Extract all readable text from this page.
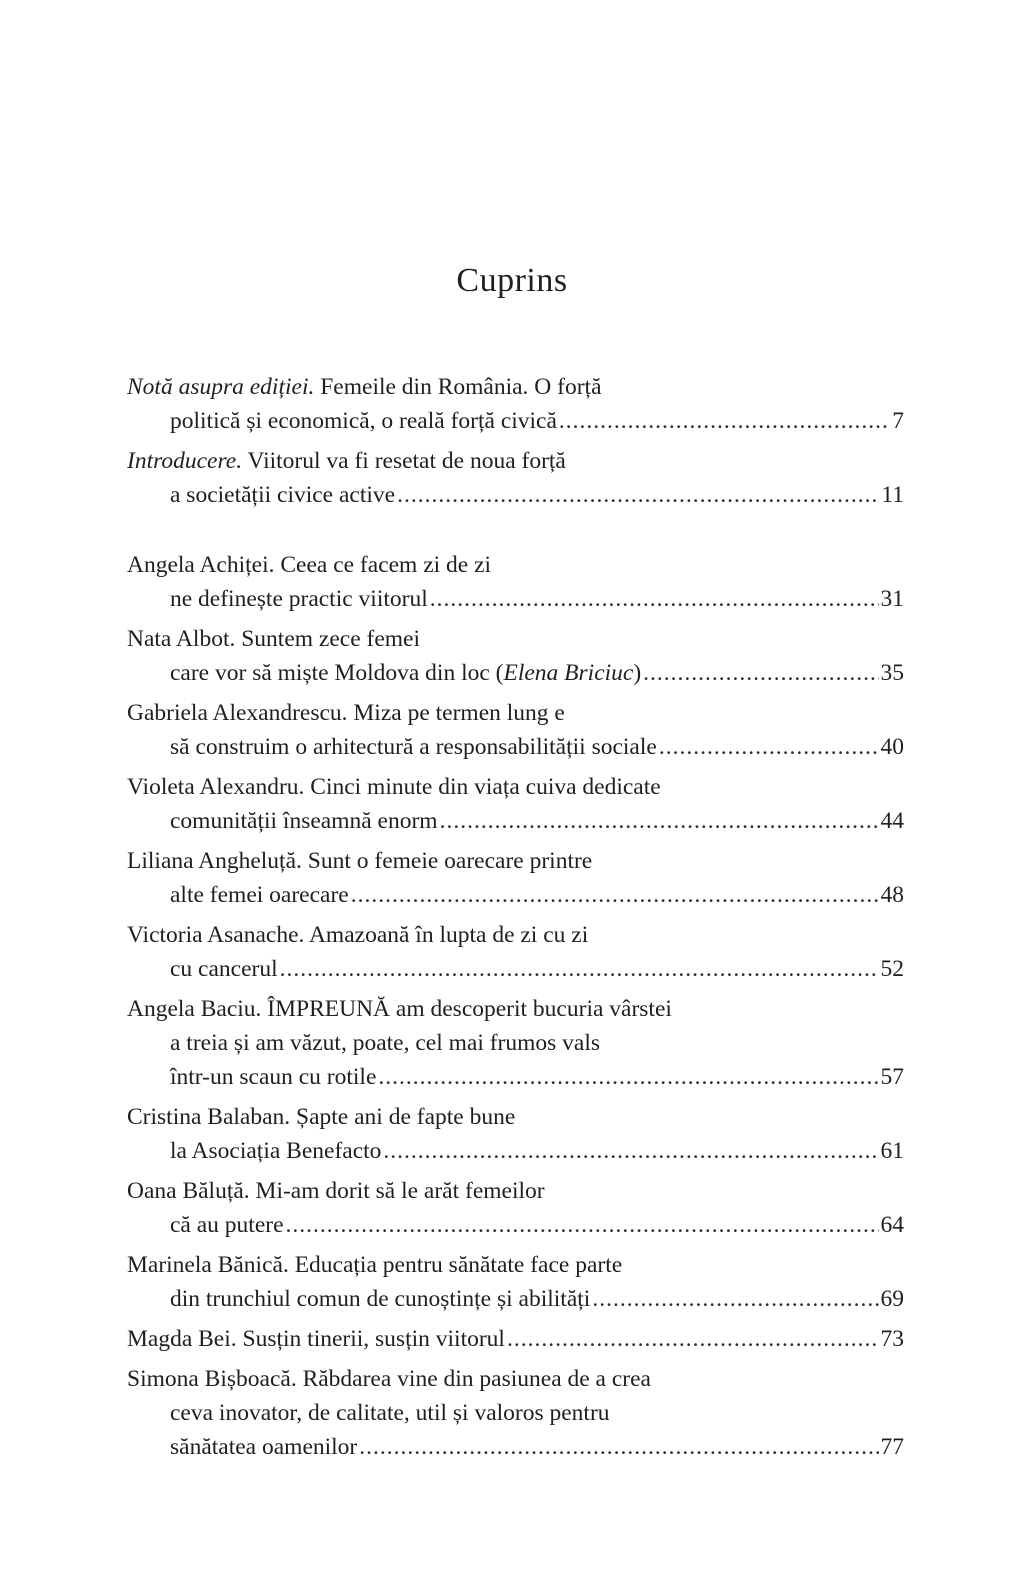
Cuprins
Notă asupra ediției. Femeile din România. O forță
politică și economică, o reală forță civică .....	7
Introducere. Viitorul va fi resetat de noua forță
a societății civice active .....	11
Angela Achiței. Ceea ce facem zi de zi
ne definește practic viitorul .....	31
Nata Albot. Suntem zece femei
care vor să miște Moldova din loc (Elena Briciuc) .....	35
Gabriela Alexandrescu. Miza pe termen lung e
să construim o arhitectură a responsabilității sociale .....	40
Violeta Alexandru. Cinci minute din viața cuiva dedicate
comunității înseamnă enorm .....	44
Liliana Angheluță. Sunt o femeie oarecare printre
alte femei oarecare .....	48
Victoria Asanache. Amazoană în lupta de zi cu zi
cu cancerul .....	52
Angela Baciu. ÎMPREUNĂ am descoperit bucuria vârstei
a treia și am văzut, poate, cel mai frumos vals
într-un scaun cu rotile .....	57
Cristina Balaban. Șapte ani de fapte bune
la Asociația Benefacto .....	61
Oana Băluță. Mi-am dorit să le arăt femeilor
că au putere .....	64
Marinela Bănică. Educația pentru sănătate face parte
din trunchiul comun de cunoștințe și abilități .....	69
Magda Bei. Susțin tinerii, susțin viitorul .....	73
Simona Bișboacă. Răbdarea vine din pasiunea de a crea
ceva inovator, de calitate, util și valoros pentru
sănătatea oamenilor .....	77
